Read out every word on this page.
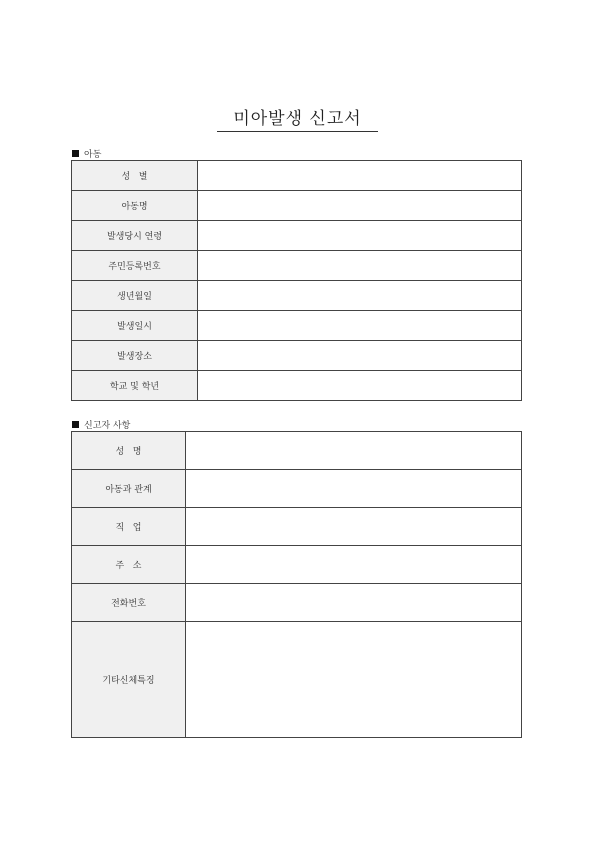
미아발생 신고서
아동
성   별	
아동명	
발생당시 연령	
주민등록번호	
생년월일	
발생일시	
발생장소	
학교 및 학년	
신고자 사항
성   명	
아동과 관계	
직   업	
주   소	
전화번호	
기타신체특징	
